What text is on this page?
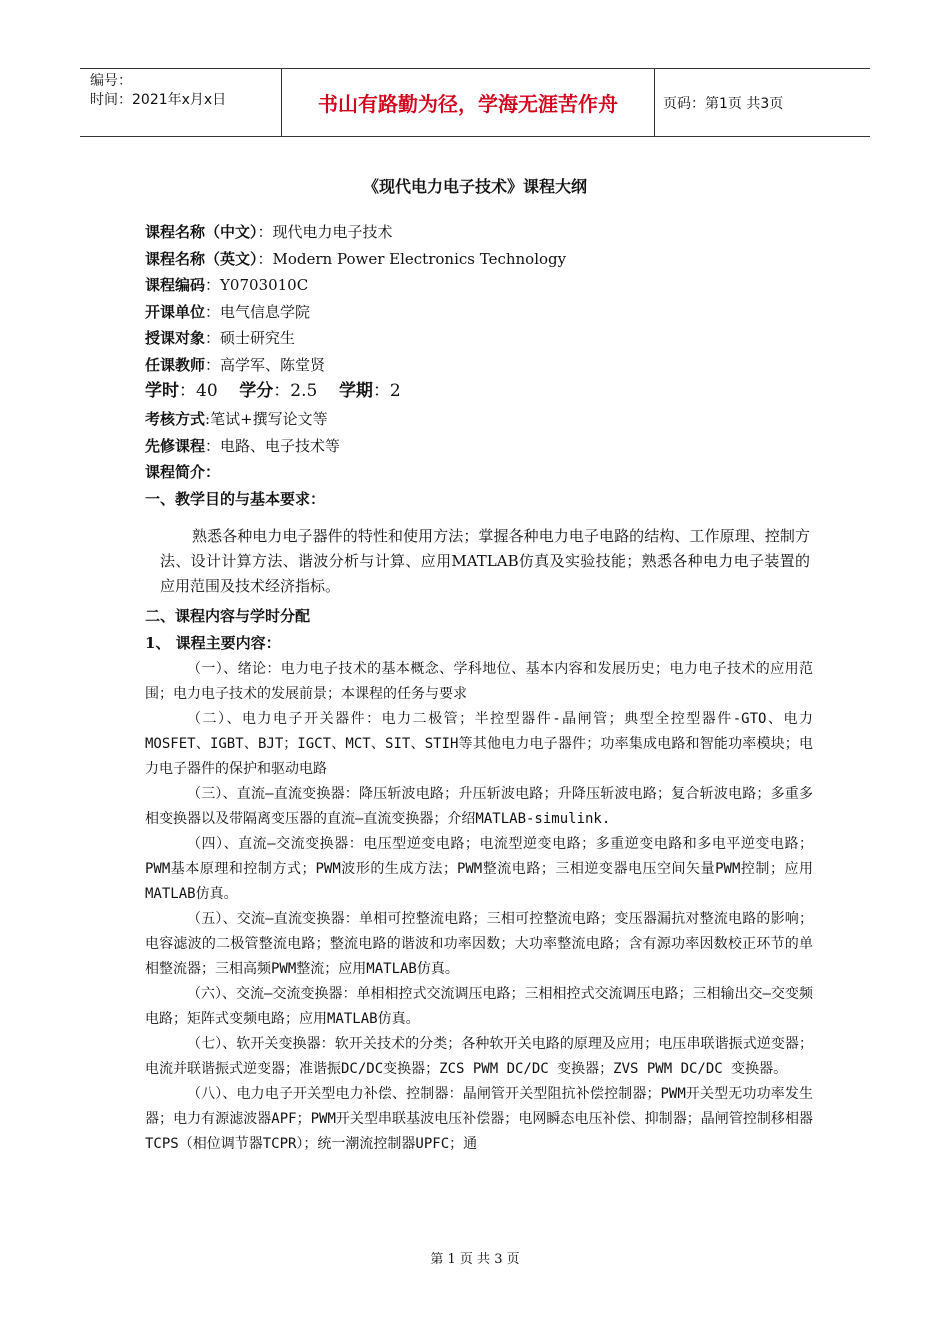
编号：
时间：2021年x月x日	书山有路勤为径，学海无涯苦作舟	页码：第1页 共3页
《现代电力电子技术》课程大纲
课程名称（中文）：现代电力电子技术
课程名称（英文）：Modern Power Electronics Technology
课程编码：Y0703010C
开课单位：电气信息学院
授课对象：硕士研究生
任课教师：高学军、陈堂贤
学时：40 学分：2.5 学期：2
考核方式:笔试+撰写论文等
先修课程：电路、电子技术等
课程简介：
一、教学目的与基本要求：
熟悉各种电力电子器件的特性和使用方法；掌握各种电力电子电路的结构、工作原理、控制方法、设计计算方法、谐波分析与计算、应用MATLAB仿真及实验技能；熟悉各种电力电子装置的应用范围及技术经济指标。
二、课程内容与学时分配
1、 课程主要内容：

（一）、绪论：电力电子技术的基本概念、学科地位、基本内容和发展历史；电力电子技术的应用范围；电力电子技术的发展前景；本课程的任务与要求

（二）、电力电子开关器件：电力二极管；半控型器件-晶闸管；典型全控型器件-GTO、电力MOSFET、IGBT、BJT；IGCT、MCT、SIT、STIH等其他电力电子器件；功率集成电路和智能功率模块；电力电子器件的保护和驱动电路

（三）、直流—直流变换器：降压斩波电路；升压斩波电路；升降压斩波电路；复合斩波电路；多重多相变换器以及带隔离变压器的直流—直流变换器；介绍MATLAB-simulink.

（四）、直流—交流变换器：电压型逆变电路；电流型逆变电路；多重逆变电路和多电平逆变电路；PWM基本原理和控制方式；PWM波形的生成方法；PWM整流电路；三相逆变器电压空间矢量PWM控制；应用MATLAB仿真。

（五）、交流—直流变换器：单相可控整流电路；三相可控整流电路；变压器漏抗对整流电路的影响；电容滤波的二极管整流电路；整流电路的谐波和功率因数；大功率整流电路；含有源功率因数校正环节的单相整流器；三相高频PWM整流；应用MATLAB仿真。

（六）、交流—交流变换器：单相相控式交流调压电路；三相相控式交流调压电路；三相输出交—交变频电路；矩阵式变频电路；应用MATLAB仿真。

（七）、软开关变换器：软开关技术的分类；各种软开关电路的原理及应用；电压串联谐振式逆变器；电流并联谐振式逆变器；准谐振DC/DC变换器；ZCS PWM DC/DC 变换器；ZVS PWM DC/DC 变换器。

（八）、电力电子开关型电力补偿、控制器：晶闸管开关型阻抗补偿控制器；PWM开关型无功功率发生器；电力有源滤波器APF；PWM开关型串联基波电压补偿器；电网瞬态电压补偿、抑制器；晶闸管控制移相器TCPS（相位调节器TCPR）；统一潮流控制器UPFC；通

第 1 页 共 3 页
